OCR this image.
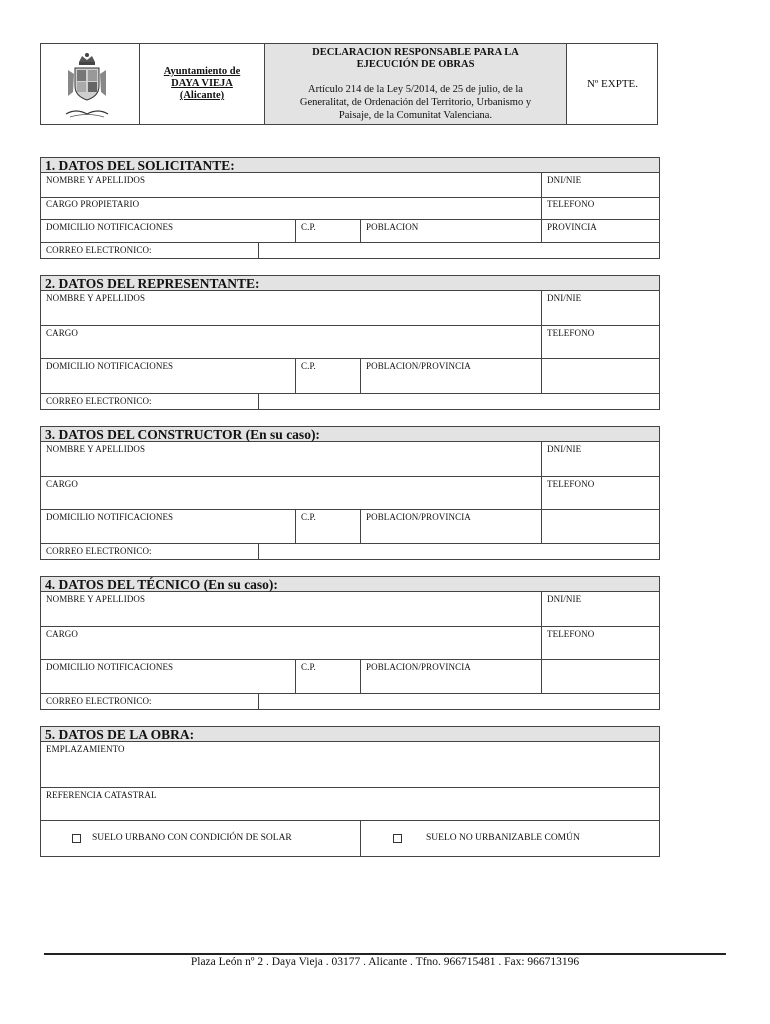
Ayuntamiento de
DAYA VIEJA
(Alicante)
DECLARACION RESPONSABLE PARA LA
EJECUCIÓN DE OBRAS
Artículo 214 de la Ley 5/2014, de 25 de julio, de la
Generalitat, de Ordenación del Territorio, Urbanismo y
Paisaje, de la Comunitat Valenciana.
Nº EXPTE.
1. DATOS DEL SOLICITANTE:
NOMBRE Y APELLIDOS	DNI/NIE
CARGO PROPIETARIO	TELEFONO
DOMICILIO NOTIFICACIONES	C.P.	POBLACION	PROVINCIA
CORREO ELECTRONICO:
2. DATOS DEL REPRESENTANTE:
NOMBRE Y APELLIDOS	DNI/NIE
CARGO	TELEFONO
DOMICILIO NOTIFICACIONES	C.P.	POBLACION/PROVINCIA
CORREO ELECTRONICO:
3. DATOS DEL CONSTRUCTOR (En su caso):
NOMBRE Y APELLIDOS	DNI/NIE
CARGO	TELEFONO
DOMICILIO NOTIFICACIONES	C.P.	POBLACION/PROVINCIA
CORREO ELECTRONICO:
4. DATOS DEL TÉCNICO (En su caso):
NOMBRE Y APELLIDOS	DNI/NIE
CARGO	TELEFONO
DOMICILIO NOTIFICACIONES	C.P.	POBLACION/PROVINCIA
CORREO ELECTRONICO:
5. DATOS DE LA OBRA:
EMPLAZAMIENTO
REFERENCIA CATASTRAL
SUELO URBANO CON CONDICIÓN DE SOLAR	SUELO NO URBANIZABLE COMÚN
Plaza León nº 2 . Daya Vieja . 03177 . Alicante . Tfno. 966715481 . Fax: 966713196
